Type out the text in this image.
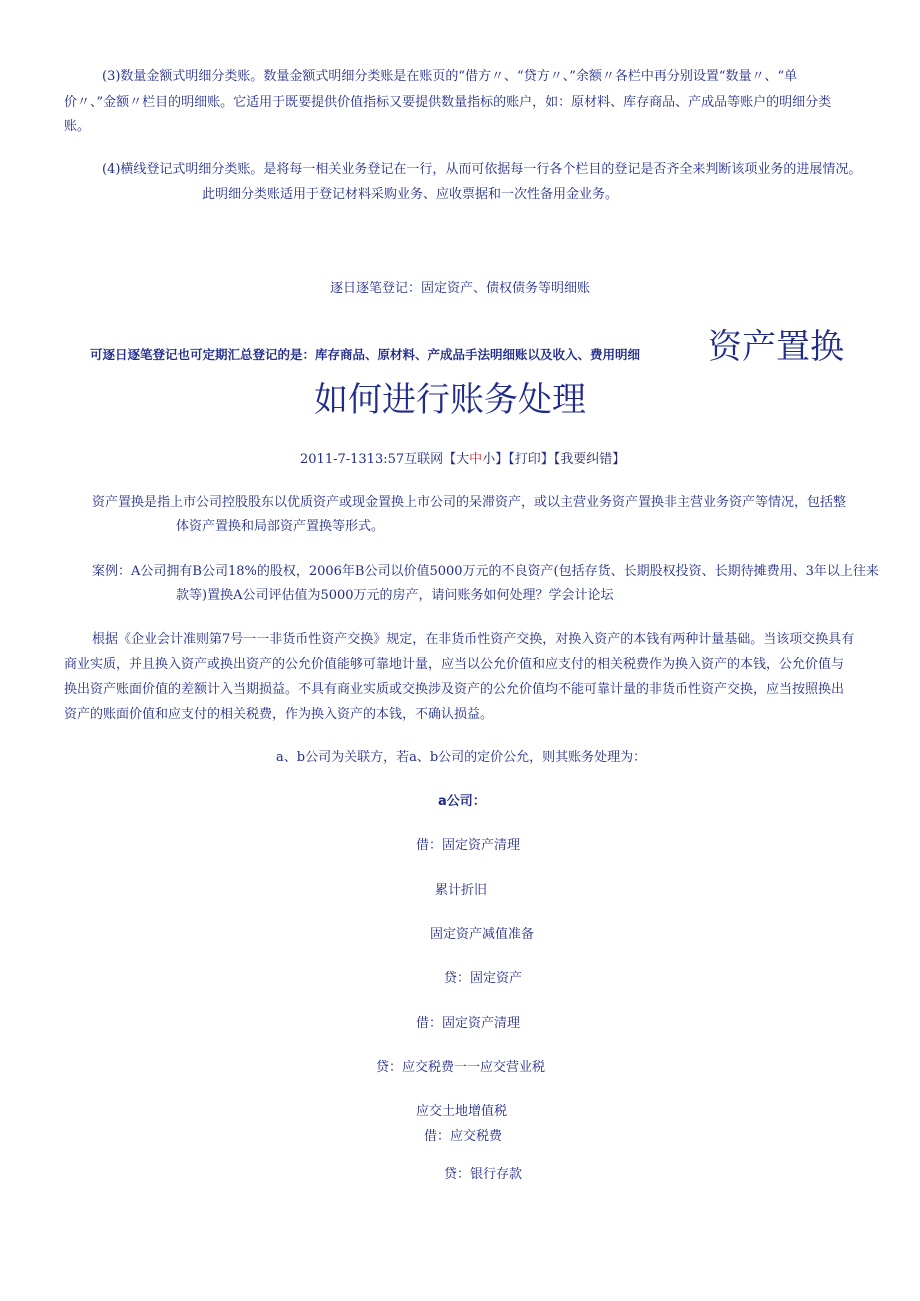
(3)数量金额式明细分类账。数量金额式明细分类账是在账页的“借方〃、“贷方〃、”余额〃各栏中再分别设置“数量〃、“单
价〃、”金额〃栏目的明细账。它适用于既要提供价值指标又要提供数量指标的账户，如：原材料、库存商品、产成品等账户的明细分类
账。
(4)横线登记式明细分类账。是将每一相关业务登记在一行，从而可依据每一行各个栏目的登记是否齐全来判断该项业务的进展情况。
此明细分类账适用于登记材料采购业务、应收票据和一次性备用金业务。
逐日逐笔登记：固定资产、债权债务等明细账
可逐日逐笔登记也可定期汇总登记的是：库存商品、原材料、产成品手法明细账以及收入、费用明细 资产置换
如何进行账务处理
2011-7-1313:57互联网【大中小】【打印】【我要纠错】
资产置换是指上市公司控股股东以优质资产或现金置换上市公司的呆滞资产，或以主营业务资产置换非主营业务资产等情况，包括整
体资产置换和局部资产置换等形式。
案例：A公司拥有B公司18%的股权，2006年B公司以价值5000万元的不良资产(包括存货、长期股权投资、长期待摊费用、3年以上往来
款等)置换A公司评估值为5000万元的房产，请问账务如何处理？学会计论坛
根据《企业会计准则第7号一一非货币性资产交换》规定，在非货币性资产交换，对换入资产的本钱有两种计量基础。当该项交换具有
商业实质，并且换入资产或换出资产的公允价值能够可靠地计量，应当以公允价值和应支付的相关税费作为换入资产的本钱，公允价值与
换出资产账面价值的差额计入当期损益。不具有商业实质或交换涉及资产的公允价值均不能可靠计量的非货币性资产交换，应当按照换出
资产的账面价值和应支付的相关税费，作为换入资产的本钱，不确认损益。
a、b公司为关联方，若a、b公司的定价公允，则其账务处理为：
a公司：
借：固定资产清理
累计折旧
固定资产减值准备
贷：固定资产
借：固定资产清理
贷：应交税费一一应交营业税
应交土地增值税
借：应交税费
贷：银行存款
